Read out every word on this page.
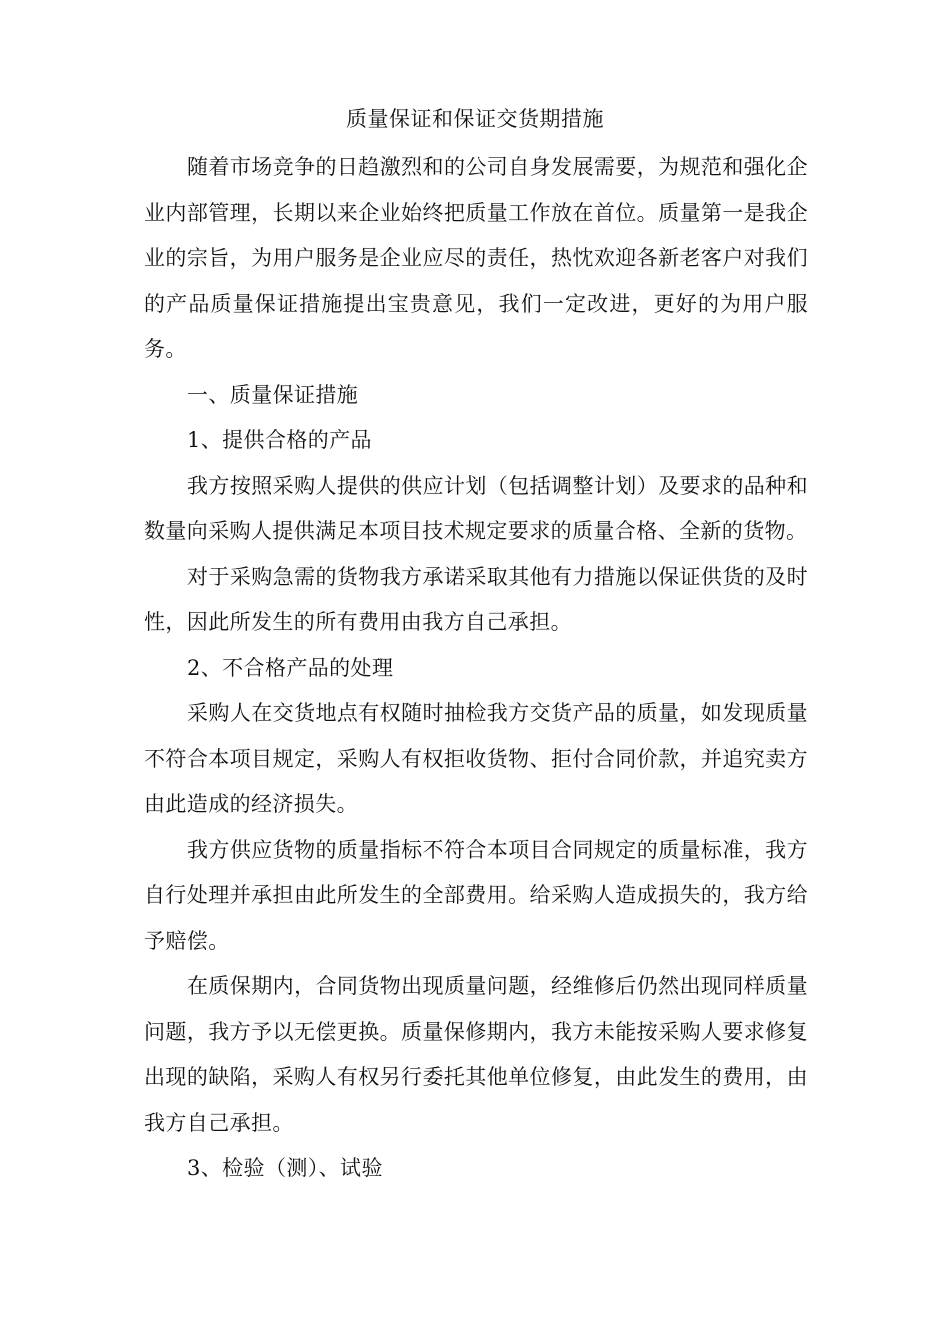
质量保证和保证交货期措施

随着市场竞争的日趋激烈和的公司自身发展需要，为规范和强化企业内部管理，长期以来企业始终把质量工作放在首位。质量第一是我企业的宗旨，为用户服务是企业应尽的责任，热忱欢迎各新老客户对我们的产品质量保证措施提出宝贵意见，我们一定改进，更好的为用户服务。

一、质量保证措施

1、提供合格的产品

我方按照采购人提供的供应计划（包括调整计划）及要求的品种和数量向采购人提供满足本项目技术规定要求的质量合格、全新的货物。

对于采购急需的货物我方承诺采取其他有力措施以保证供货的及时性，因此所发生的所有费用由我方自己承担。

2、不合格产品的处理

采购人在交货地点有权随时抽检我方交货产品的质量，如发现质量不符合本项目规定，采购人有权拒收货物、拒付合同价款，并追究卖方由此造成的经济损失。

我方供应货物的质量指标不符合本项目合同规定的质量标准，我方自行处理并承担由此所发生的全部费用。给采购人造成损失的，我方给予赔偿。

在质保期内，合同货物出现质量问题，经维修后仍然出现同样质量问题，我方予以无偿更换。质量保修期内，我方未能按采购人要求修复出现的缺陷，采购人有权另行委托其他单位修复，由此发生的费用，由我方自己承担。

3、检验（测）、试验
